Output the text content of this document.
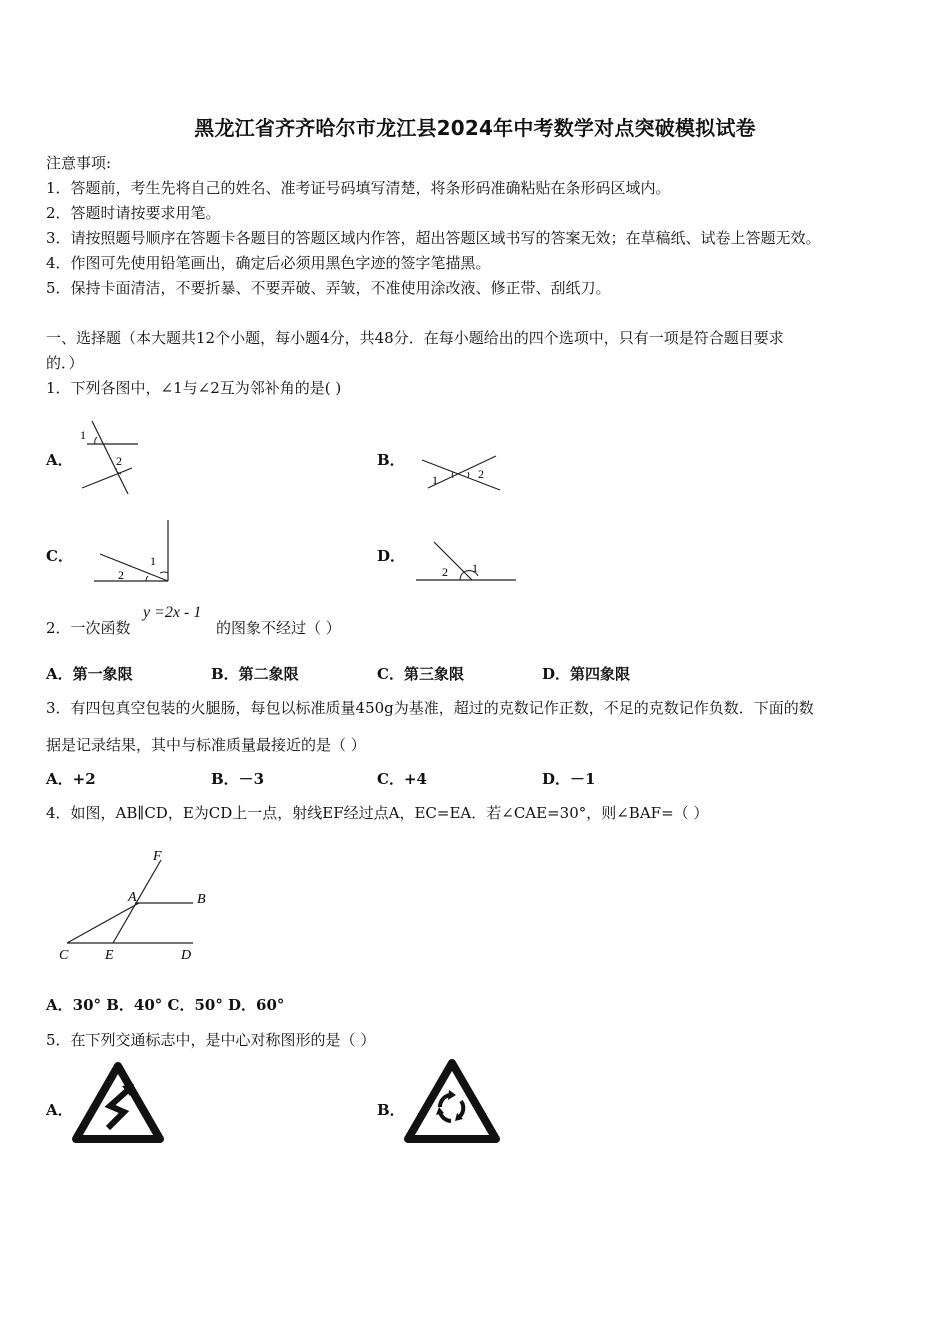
黑龙江省齐齐哈尔市龙江县2024年中考数学对点突破模拟试卷
注意事项:
1．答题前，考生先将自己的姓名、准考证号码填写清楚，将条形码准确粘贴在条形码区域内。
2．答题时请按要求用笔。
3．请按照题号顺序在答题卡各题目的答题区域内作答，超出答题区域书写的答案无效；在草稿纸、试卷上答题无效。
4．作图可先使用铅笔画出，确定后必须用黑色字迹的签字笔描黑。
5．保持卡面清洁，不要折暴、不要弄破、弄皱，不准使用涂改液、修正带、刮纸刀。
一、选择题（本大题共12个小题，每小题4分，共48分．在每小题给出的四个选项中，只有一项是符合题目要求
的．）
1．下列各图中，∠1与∠2互为邻补角的是( )
A．
1
2	B．
1	2
C．	1
2
D．
2 1
2．一次函数
y =2x - 1
的图象不经过（ ）
A．第一象限	B．第二象限	C．第三象限	D．第四象限
3．有四包真空包装的火腿肠，每包以标准质量450g为基准，超过的克数记作正数，不足的克数记作负数．下面的数
据是记录结果，其中与标准质量最接近的是（ ）
A．+2	B．－3	C．+4	D．－1
4．如图，AB∥CD，E为CD上一点，射线EF经过点A，EC=EA．若∠CAE=30°，则∠BAF=（ ）
F
A	B
C	E	D
A．30° B．40° C．50° D．60°
5．在下列交通标志中，是中心对称图形的是（ ）
A．	B．
